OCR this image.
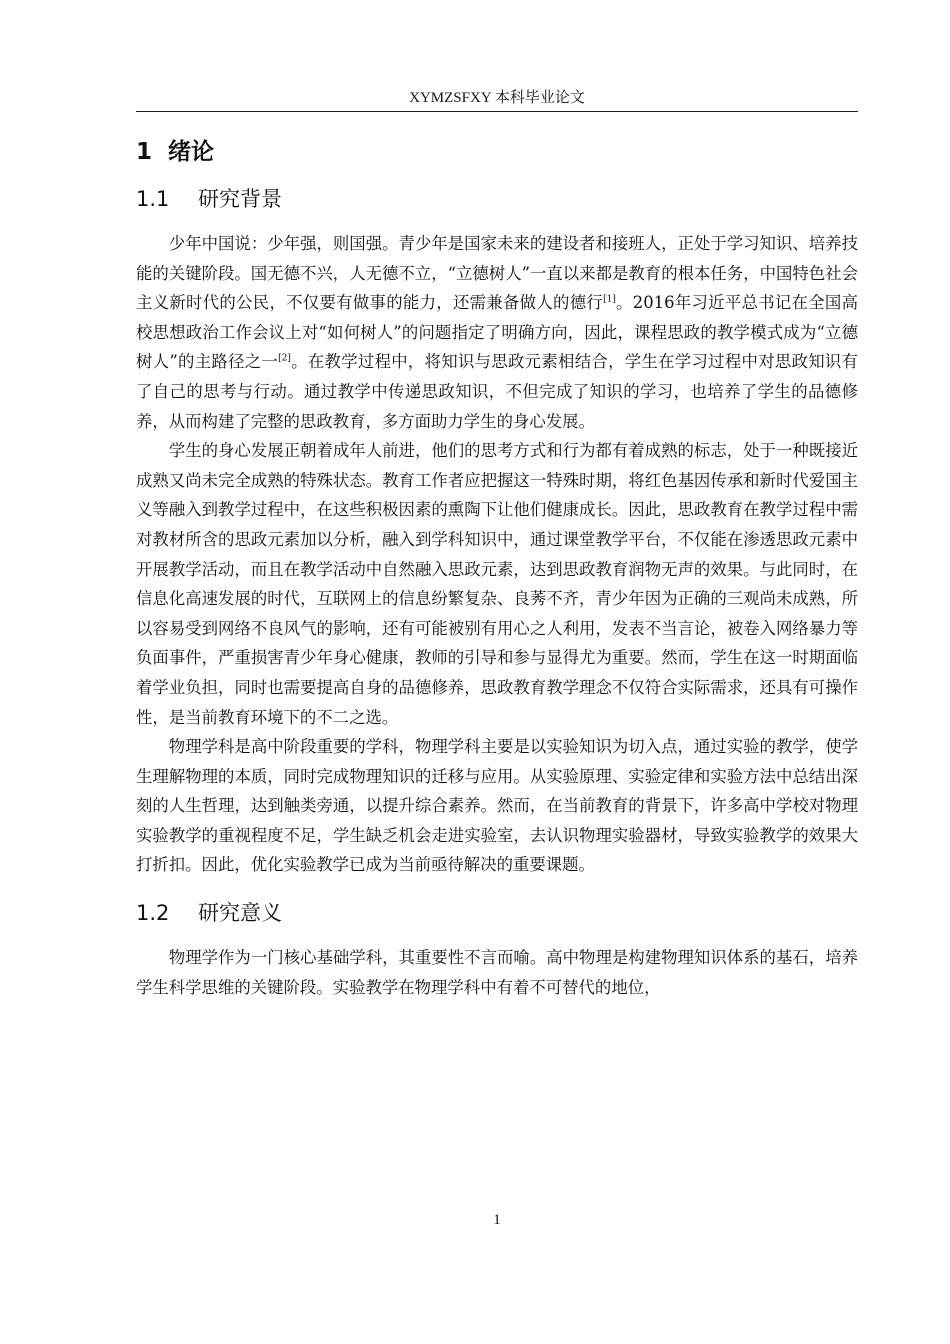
XYMZSFXY 本科毕业论文
1 绪论
1.1 研究背景

少年中国说：少年强，则国强。青少年是国家未来的建设者和接班人，正处于学习知识、培养技能的关键阶段。国无德不兴，人无德不立，“立德树人”一直以来都是教育的根本任务，中国特色社会主义新时代的公民，不仅要有做事的能力，还需兼备做人的德行[1]。2016年习近平总书记在全国高校思想政治工作会议上对“如何树人”的问题指定了明确方向，因此，课程思政的教学模式成为“立德树人”的主路径之一[2]。在教学过程中，将知识与思政元素相结合，学生在学习过程中对思政知识有了自己的思考与行动。通过教学中传递思政知识，不但完成了知识的学习，也培养了学生的品德修养，从而构建了完整的思政教育，多方面助力学生的身心发展。

学生的身心发展正朝着成年人前进，他们的思考方式和行为都有着成熟的标志，处于一种既接近成熟又尚未完全成熟的特殊状态。教育工作者应把握这一特殊时期，将红色基因传承和新时代爱国主义等融入到教学过程中，在这些积极因素的熏陶下让他们健康成长。因此，思政教育在教学过程中需对教材所含的思政元素加以分析，融入到学科知识中，通过课堂教学平台，不仅能在渗透思政元素中开展教学活动，而且在教学活动中自然融入思政元素，达到思政教育润物无声的效果。与此同时，在信息化高速发展的时代，互联网上的信息纷繁复杂、良莠不齐，青少年因为正确的三观尚未成熟，所以容易受到网络不良风气的影响，还有可能被别有用心之人利用，发表不当言论，被卷入网络暴力等负面事件，严重损害青少年身心健康，教师的引导和参与显得尤为重要。然而，学生在这一时期面临着学业负担，同时也需要提高自身的品德修养，思政教育教学理念不仅符合实际需求，还具有可操作性，是当前教育环境下的不二之选。

物理学科是高中阶段重要的学科，物理学科主要是以实验知识为切入点，通过实验的教学，使学生理解物理的本质，同时完成物理知识的迁移与应用。从实验原理、实验定律和实验方法中总结出深刻的人生哲理，达到触类旁通，以提升综合素养。然而，在当前教育的背景下，许多高中学校对物理实验教学的重视程度不足，学生缺乏机会走进实验室，去认识物理实验器材，导致实验教学的效果大打折扣。因此，优化实验教学已成为当前亟待解决的重要课题。

1.2 研究意义

物理学作为一门核心基础学科，其重要性不言而喻。高中物理是构建物理知识体系的基石，培养学生科学思维的关键阶段。实验教学在物理学科中有着不可替代的地位，

1
